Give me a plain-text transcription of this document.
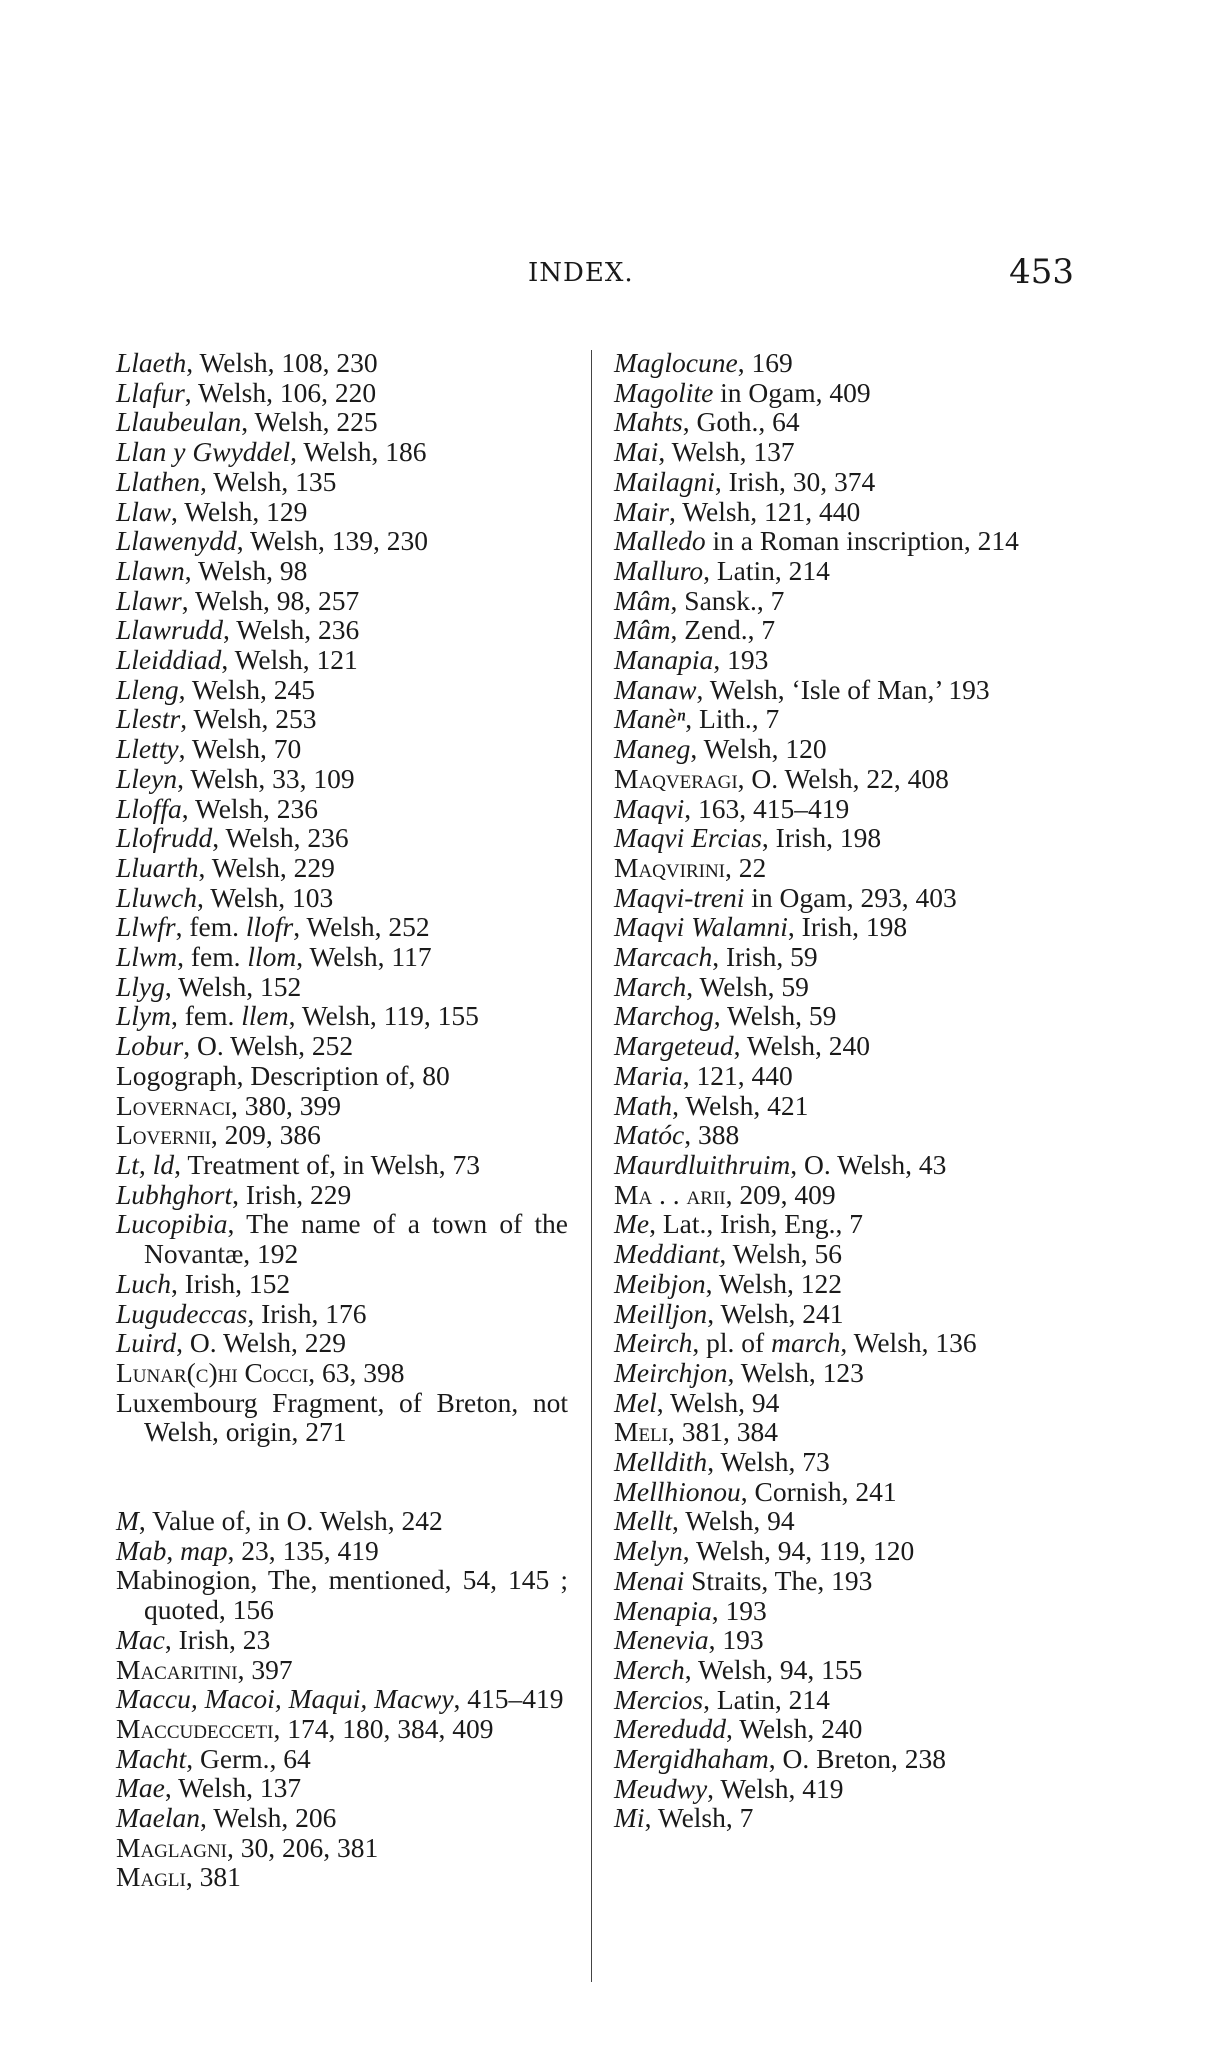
INDEX.	453
Llaeth, Welsh, 108, 230
Llafur, Welsh, 106, 220
Llaubeulan, Welsh, 225
Llan y Gwyddel, Welsh, 186
Llathen, Welsh, 135
Llaw, Welsh, 129
Llawenydd, Welsh, 139, 230
Llawn, Welsh, 98
Llawr, Welsh, 98, 257
Llawrudd, Welsh, 236
Lleiddiad, Welsh, 121
Lleng, Welsh, 245
Llestr, Welsh, 253
Lletty, Welsh, 70
Lleyn, Welsh, 33, 109
Lloffa, Welsh, 236
Llofrudd, Welsh, 236
Lluarth, Welsh, 229
Lluwch, Welsh, 103
Llwfr, fem. llofr, Welsh, 252
Llwm, fem. llom, Welsh, 117
Llyg, Welsh, 152
Llym, fem. llem, Welsh, 119, 155
Lobur, O. Welsh, 252
Logograph, Description of, 80
Lovernaci, 380, 399
Lovernii, 209, 386
Lt, ld, Treatment of, in Welsh, 73
Lubhghort, Irish, 229
Lucopibia, The name of a town of the Novantæ, 192
Luch, Irish, 152
Lugudeccas, Irish, 176
Luird, O. Welsh, 229
Lunar(c)hi Cocci, 63, 398
Luxembourg Fragment, of Breton, not Welsh, origin, 271
M, Value of, in O. Welsh, 242
Mab, map, 23, 135, 419
Mabinogion, The, mentioned, 54, 145 ; quoted, 156
Mac, Irish, 23
Macaritini, 397
Maccu, Macoi, Maqui, Macwy, 415–419
Maccudecceti, 174, 180, 384, 409
Macht, Germ., 64
Mae, Welsh, 137
Maelan, Welsh, 206
Maglagni, 30, 206, 381
Magli, 381
Maglocune, 169
Magolite in Ogam, 409
Mahts, Goth., 64
Mai, Welsh, 137
Mailagni, Irish, 30, 374
Mair, Welsh, 121, 440
Malledo in a Roman inscription, 214
Malluro, Latin, 214
Mâm, Sansk., 7
Mâm, Zend., 7
Manapia, 193
Manaw, Welsh, ‘Isle of Man,’ 193
Manèⁿ, Lith., 7
Maneg, Welsh, 120
Maqveragi, O. Welsh, 22, 408
Maqvi, 163, 415–419
Maqvi Ercias, Irish, 198
Maqvirini, 22
Maqvi-treni in Ogam, 293, 403
Maqvi Walamni, Irish, 198
Marcach, Irish, 59
March, Welsh, 59
Marchog, Welsh, 59
Margeteud, Welsh, 240
Maria, 121, 440
Math, Welsh, 421
Matóc, 388
Maurdluithruim, O. Welsh, 43
Ma . . arii, 209, 409
Me, Lat., Irish, Eng., 7
Meddiant, Welsh, 56
Meibjon, Welsh, 122
Meilljon, Welsh, 241
Meirch, pl. of march, Welsh, 136
Meirchjon, Welsh, 123
Mel, Welsh, 94
Meli, 381, 384
Melldith, Welsh, 73
Mellhionou, Cornish, 241
Mellt, Welsh, 94
Melyn, Welsh, 94, 119, 120
Menai Straits, The, 193
Menapia, 193
Menevia, 193
Merch, Welsh, 94, 155
Mercios, Latin, 214
Meredudd, Welsh, 240
Mergidhaham, O. Breton, 238
Meudwy, Welsh, 419
Mi, Welsh, 7
